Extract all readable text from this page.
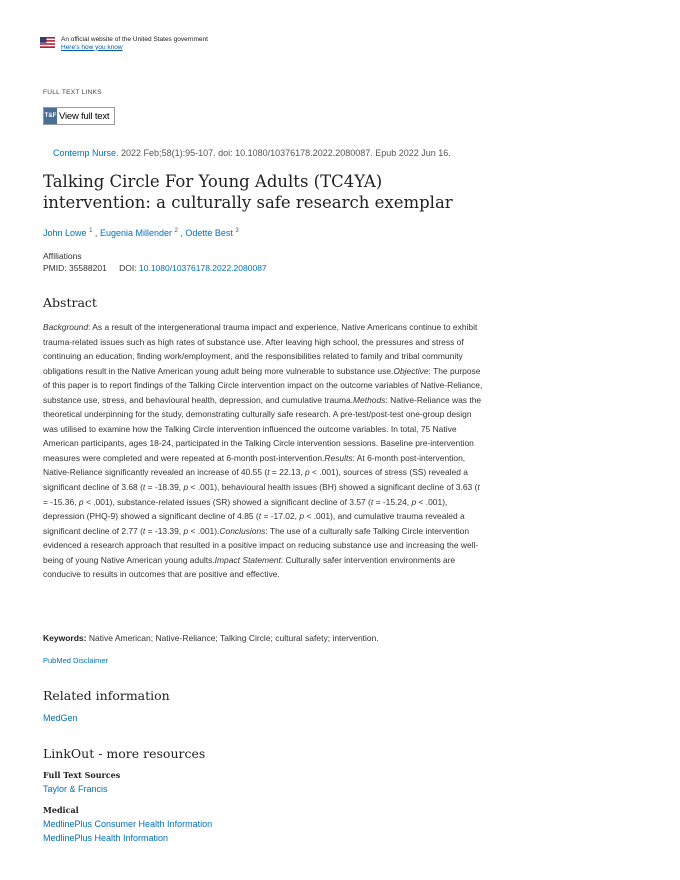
An official website of the United States government
Here's how you know
FULL TEXT LINKS
T&F View full text
Contemp Nurse. 2022 Feb;58(1):95-107. doi: 10.1080/10376178.2022.2080087. Epub 2022 Jun 16.
Talking Circle For Young Adults (TC4YA) intervention: a culturally safe research exemplar
John Lowe $^1$ , Eugenia Millender $^2$ , Odette Best $^3$
Affiliations
PMID: 35588201 DOI: 10.1080/10376178.2022.2080087
Abstract

Background: As a result of the intergenerational trauma impact and experience, Native Americans continue to exhibit trauma-related issues such as high rates of substance use. After leaving high school, the pressures and stress of continuing an education, finding work/employment, and the responsibilities related to family and tribal community obligations result in the Native American young adult being more vulnerable to substance use.Objective: The purpose of this paper is to report findings of the Talking Circle intervention impact on the outcome variables of Native-Reliance, substance use, stress, and behavioural health, depression, and cumulative trauma.Methods: Native-Reliance was the theoretical underpinning for the study, demonstrating culturally safe research. A pre-test/post-test one-group design was utilised to examine how the Talking Circle intervention influenced the outcome variables. In total, 75 Native American participants, ages 18-24, participated in the Talking Circle intervention sessions. Baseline pre-intervention measures were completed and were repeated at 6-month post-intervention.Results: At 6-month post-intervention, Native-Reliance significantly revealed an increase of 40.55 (t = 22.13, p < .001), sources of stress (SS) revealed a significant decline of 3.68 (t = -18.39, p < .001), behavioural health issues (BH) showed a significant decline of 3.63 (t = -15.36, p < .001), substance-related issues (SR) showed a significant decline of 3.57 (t = -15.24, p < .001), depression (PHQ-9) showed a significant decline of 4.85 (t = -17.02, p < .001), and cumulative trauma revealed a significant decline of 2.77 (t = -13.39, p < .001).Conclusions: The use of a culturally safe Talking Circle intervention evidenced a research approach that resulted in a positive impact on reducing substance use and increasing the well-being of young Native American young adults.Impact Statement: Culturally safer intervention environments are conducive to results in outcomes that are positive and effective.

Keywords: Native American; Native-Reliance; Talking Circle; cultural safety; intervention.
PubMed Disclaimer
Related information
MedGen
LinkOut - more resources
Full Text Sources
Taylor & Francis
Medical
MedlinePlus Consumer Health Information
MedlinePlus Health Information
